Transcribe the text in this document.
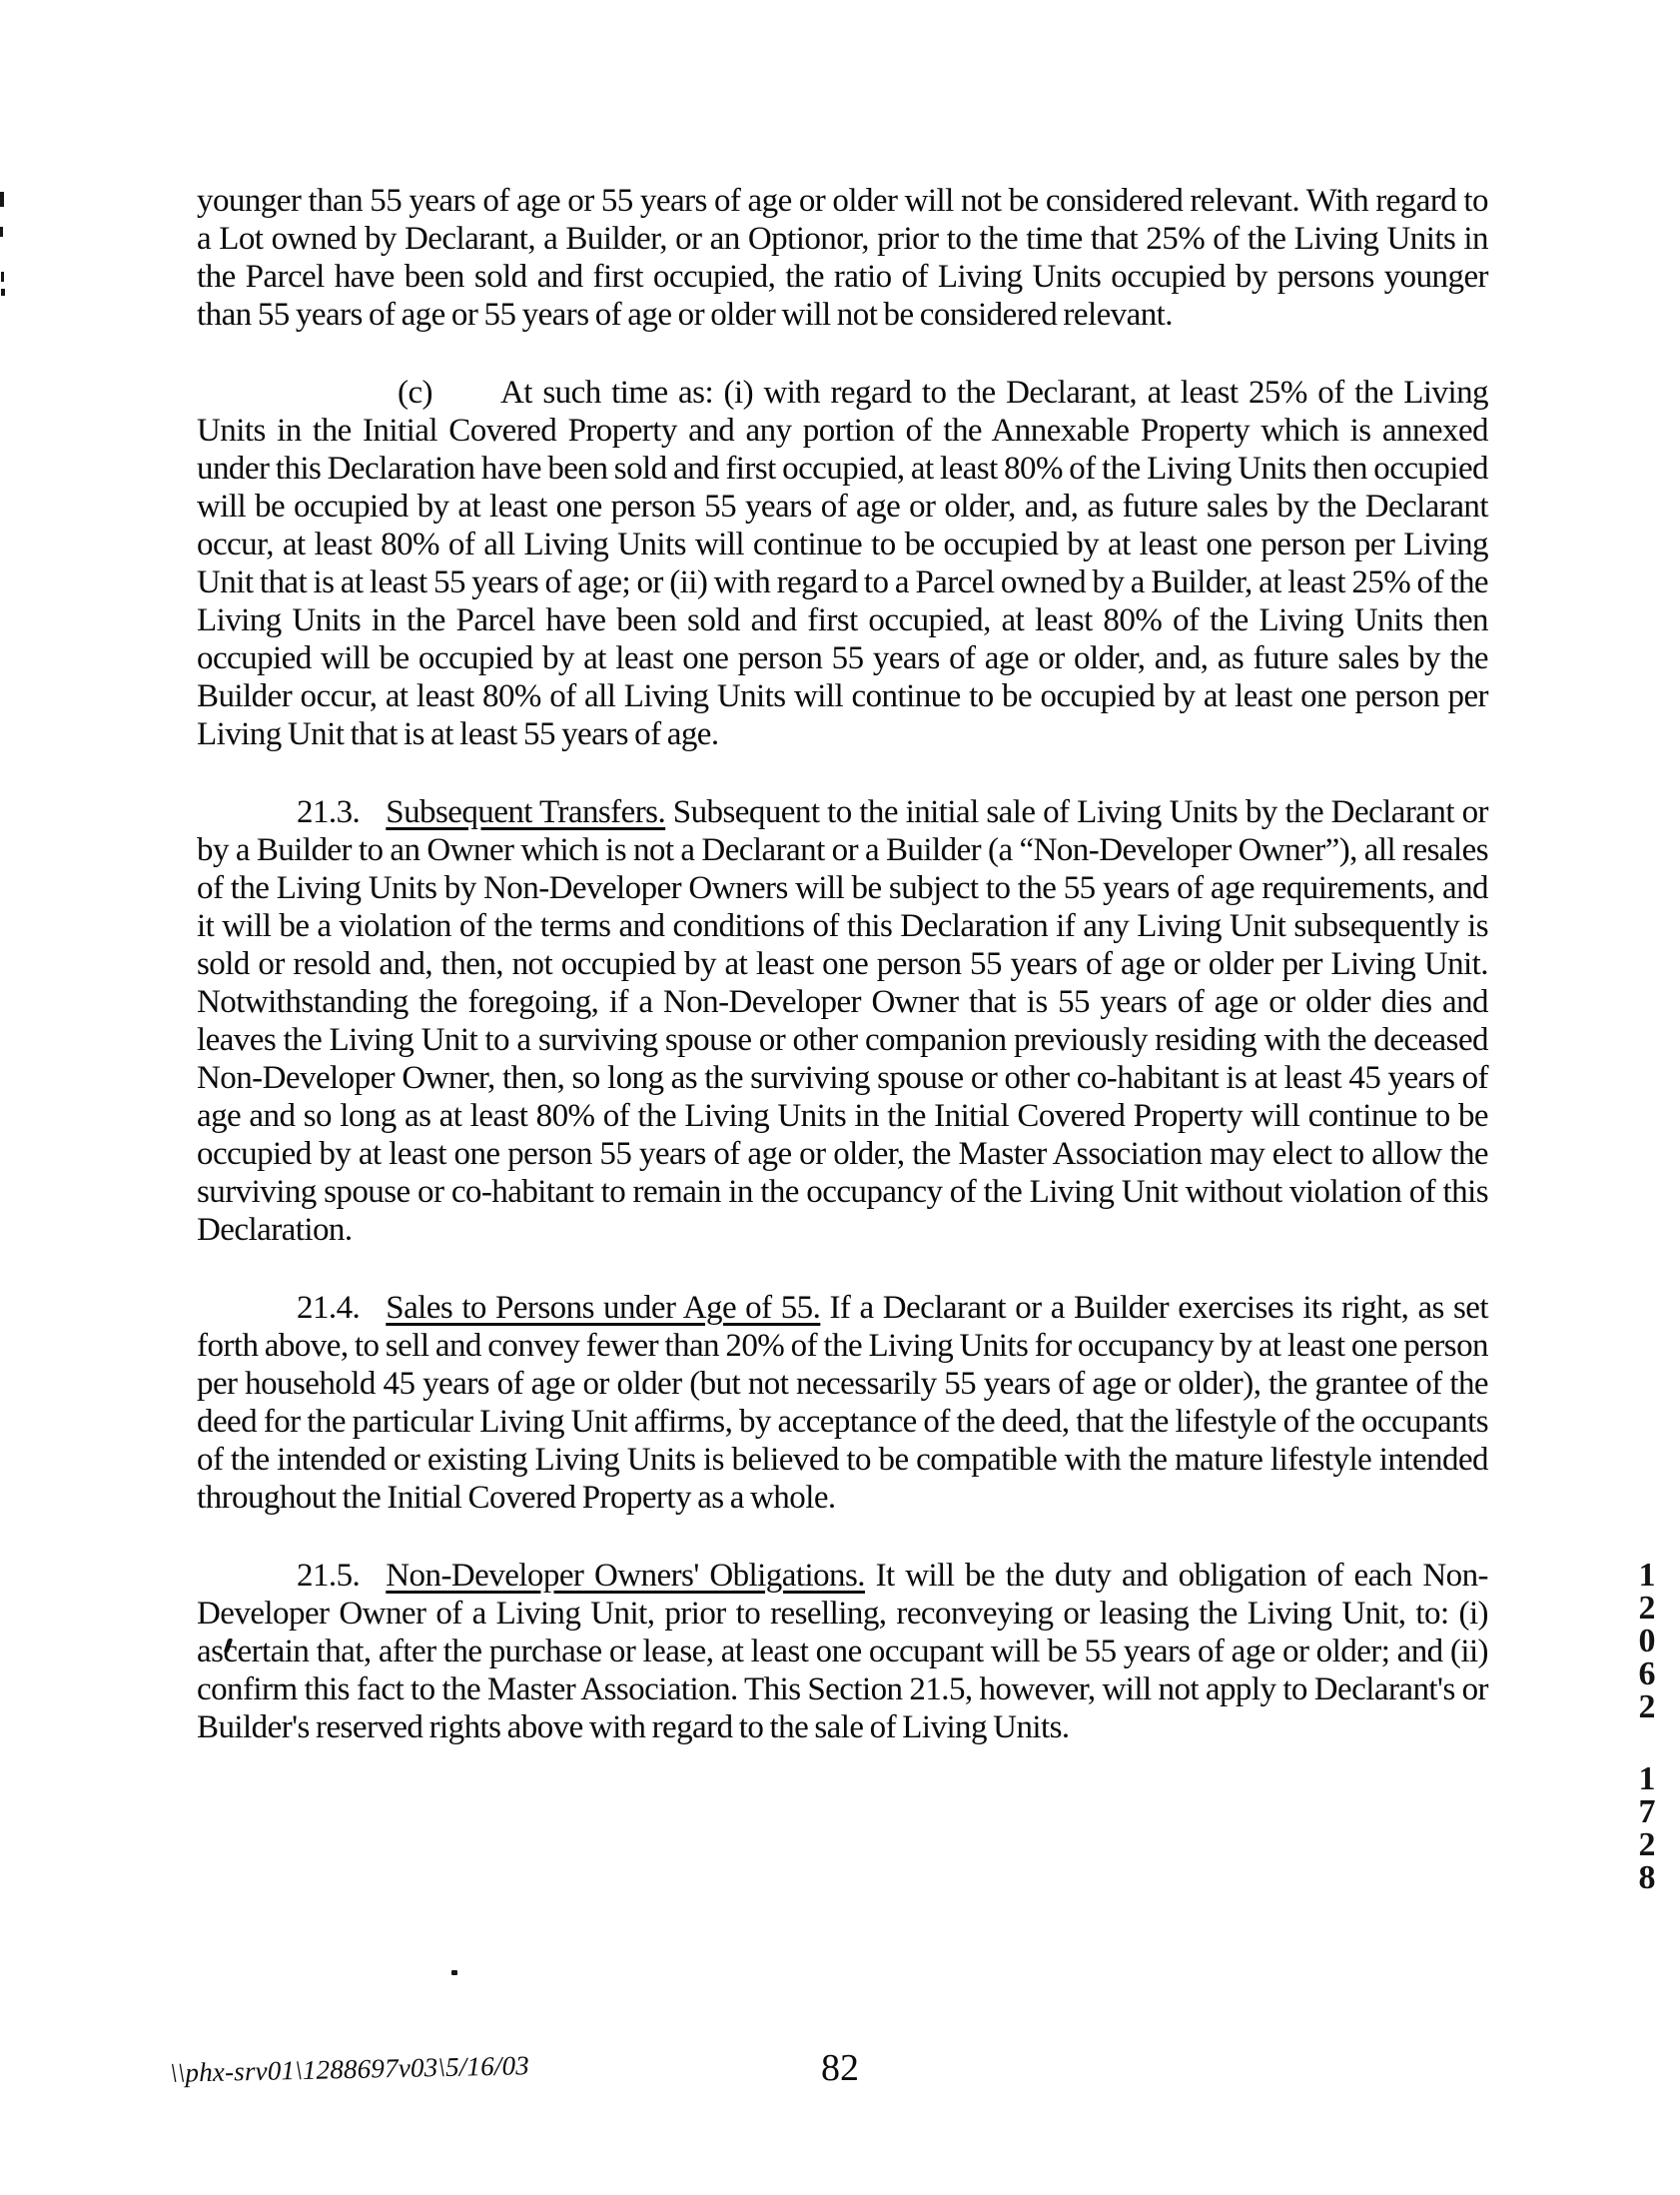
younger than 55 years of age or 55 years of age or older will not be considered relevant. With regard to a Lot owned by Declarant, a Builder, or an Optionor, prior to the time that 25% of the Living Units in the Parcel have been sold and first occupied, the ratio of Living Units occupied by persons younger than 55 years of age or 55 years of age or older will not be considered relevant.

(c) At such time as: (i) with regard to the Declarant, at least 25% of the Living Units in the Initial Covered Property and any portion of the Annexable Property which is annexed under this Declaration have been sold and first occupied, at least 80% of the Living Units then occupied will be occupied by at least one person 55 years of age or older, and, as future sales by the Declarant occur, at least 80% of all Living Units will continue to be occupied by at least one person per Living Unit that is at least 55 years of age; or (ii) with regard to a Parcel owned by a Builder, at least 25% of the Living Units in the Parcel have been sold and first occupied, at least 80% of the Living Units then occupied will be occupied by at least one person 55 years of age or older, and, as future sales by the Builder occur, at least 80% of all Living Units will continue to be occupied by at least one person per Living Unit that is at least 55 years of age.

21.3. Subsequent Transfers. Subsequent to the initial sale of Living Units by the Declarant or by a Builder to an Owner which is not a Declarant or a Builder (a “Non-Developer Owner”), all resales of the Living Units by Non-Developer Owners will be subject to the 55 years of age requirements, and it will be a violation of the terms and conditions of this Declaration if any Living Unit subsequently is sold or resold and, then, not occupied by at least one person 55 years of age or older per Living Unit. Notwithstanding the foregoing, if a Non-Developer Owner that is 55 years of age or older dies and leaves the Living Unit to a surviving spouse or other companion previously residing with the deceased Non-Developer Owner, then, so long as the surviving spouse or other co-habitant is at least 45 years of age and so long as at least 80% of the Living Units in the Initial Covered Property will continue to be occupied by at least one person 55 years of age or older, the Master Association may elect to allow the surviving spouse or co-habitant to remain in the occupancy of the Living Unit without violation of this Declaration.

21.4. Sales to Persons under Age of 55. If a Declarant or a Builder exercises its right, as set forth above, to sell and convey fewer than 20% of the Living Units for occupancy by at least one person per household 45 years of age or older (but not necessarily 55 years of age or older), the grantee of the deed for the particular Living Unit affirms, by acceptance of the deed, that the lifestyle of the occupants of the intended or existing Living Units is believed to be compatible with the mature lifestyle intended throughout the Initial Covered Property as a whole.

21.5. Non-Developer Owners' Obligations. It will be the duty and obligation of each Non-Developer Owner of a Living Unit, prior to reselling, reconveying or leasing the Living Unit, to: (i) ascertain that, after the purchase or lease, at least one occupant will be 55 years of age or older; and (ii) confirm this fact to the Master Association. This Section 21.5, however, will not apply to Declarant's or Builder's reserved rights above with regard to the sale of Living Units.

1
2
0
6
2
1
7
2
8
\\phx-srv01\1288697v03\5/16/03	82
